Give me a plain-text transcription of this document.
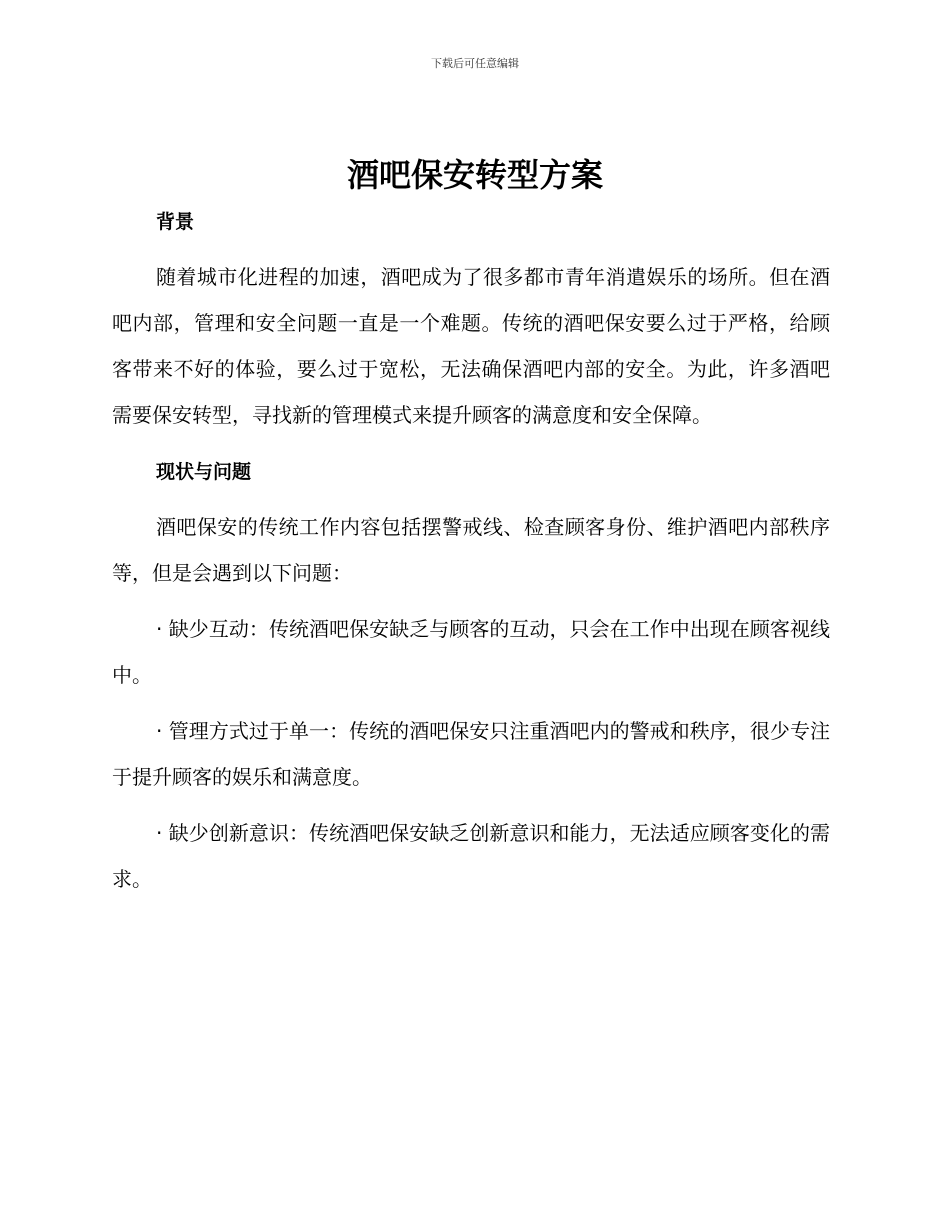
下载后可任意编辑
酒吧保安转型方案
背景

随着城市化进程的加速，酒吧成为了很多都市青年消遣娱乐的场所。但在酒吧内部，管理和安全问题一直是一个难题。传统的酒吧保安要么过于严格，给顾客带来不好的体验，要么过于宽松，无法确保酒吧内部的安全。为此，许多酒吧需要保安转型，寻找新的管理模式来提升顾客的满意度和安全保障。

现状与问题

酒吧保安的传统工作内容包括摆警戒线、检查顾客身份、维护酒吧内部秩序等，但是会遇到以下问题：

· 缺少互动：传统酒吧保安缺乏与顾客的互动，只会在工作中出现在顾客视线中。

· 管理方式过于单一：传统的酒吧保安只注重酒吧内的警戒和秩序，很少专注于提升顾客的娱乐和满意度。

· 缺少创新意识：传统酒吧保安缺乏创新意识和能力，无法适应顾客变化的需求。
